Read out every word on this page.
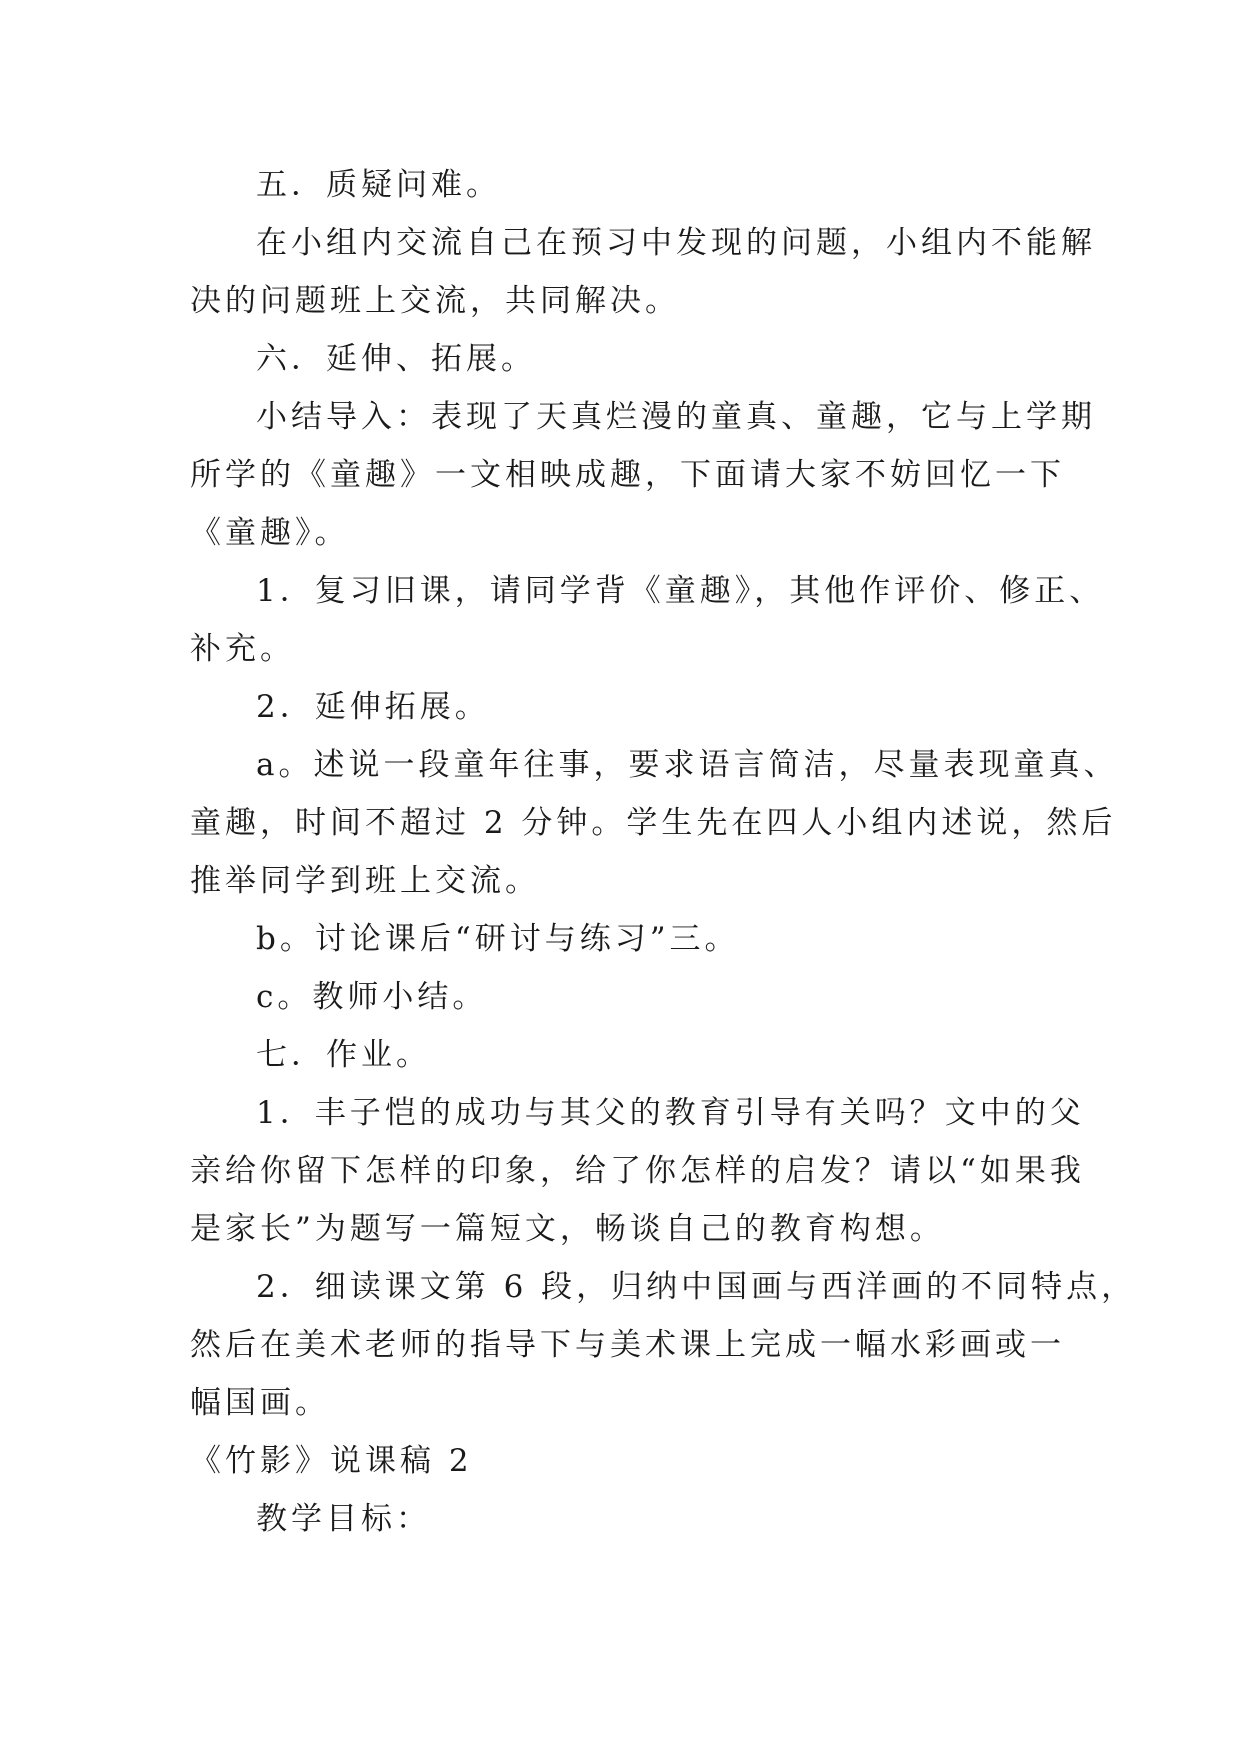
五．质疑问难。
在小组内交流自己在预习中发现的问题，小组内不能解
决的问题班上交流，共同解决。
六．延伸、拓展。
小结导入：表现了天真烂漫的童真、童趣，它与上学期
所学的《童趣》一文相映成趣，下面请大家不妨回忆一下
《童趣》。
1．复习旧课，请同学背《童趣》，其他作评价、修正、
补充。
2．延伸拓展。
a。述说一段童年往事，要求语言简洁，尽量表现童真、
童趣，时间不超过 2 分钟。学生先在四人小组内述说，然后
推举同学到班上交流。
b。讨论课后“研讨与练习”三。
c。教师小结。
七．作业。
1．丰子恺的成功与其父的教育引导有关吗？文中的父
亲给你留下怎样的印象，给了你怎样的启发？请以“如果我
是家长”为题写一篇短文，畅谈自己的教育构想。
2．细读课文第 6 段，归纳中国画与西洋画的不同特点，
然后在美术老师的指导下与美术课上完成一幅水彩画或一
幅国画。
《竹影》说课稿 2
教学目标：
